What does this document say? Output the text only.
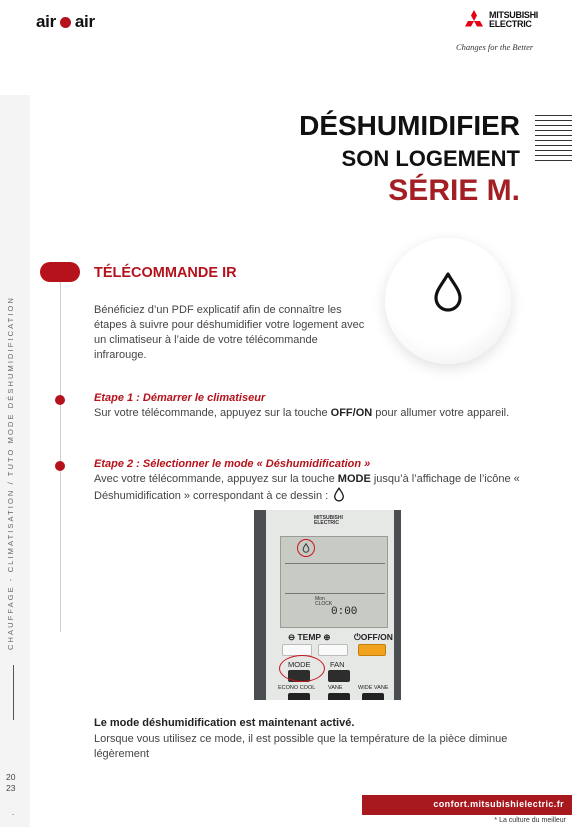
CHAUFFAGE - CLIMATISATION / TUTO MODE DÉSHUMIDIFICATION
20
23
.
air air	MITSUBISHI
ELECTRIC
Changes for the Better
DÉSHUMIDIFIER
SON LOGEMENT
SÉRIE M.
TÉLÉCOMMANDE IR
Bénéficiez d’un PDF explicatif afin de connaître les étapes à suivre pour déshumidifier votre logement avec un climatiseur à l’aide de votre télécommande infrarouge.
Etape 1 : Démarrer le climatiseur
Sur votre télécommande, appuyez sur la touche OFF/ON pour allumer votre appareil.
Etape 2 : Sélectionner le mode « Déshumidification »
Avec votre télécommande, appuyez sur la touche MODE jusqu’à l’affichage de l’icône « Déshumidification » correspondant à ce dessin :
MITSUBISHI
ELECTRIC
Mon
CLOCK
0:00
⊖ TEMP ⊕	⏻OFF/ON
MODE	FAN
ECONO COOL VANE	WIDE VANE
Le mode déshumidification est maintenant activé.
Lorsque vous utilisez ce mode, il est possible que la température de la pièce diminue légèrement
confort.mitsubishielectric.fr
* La culture du meilleur
